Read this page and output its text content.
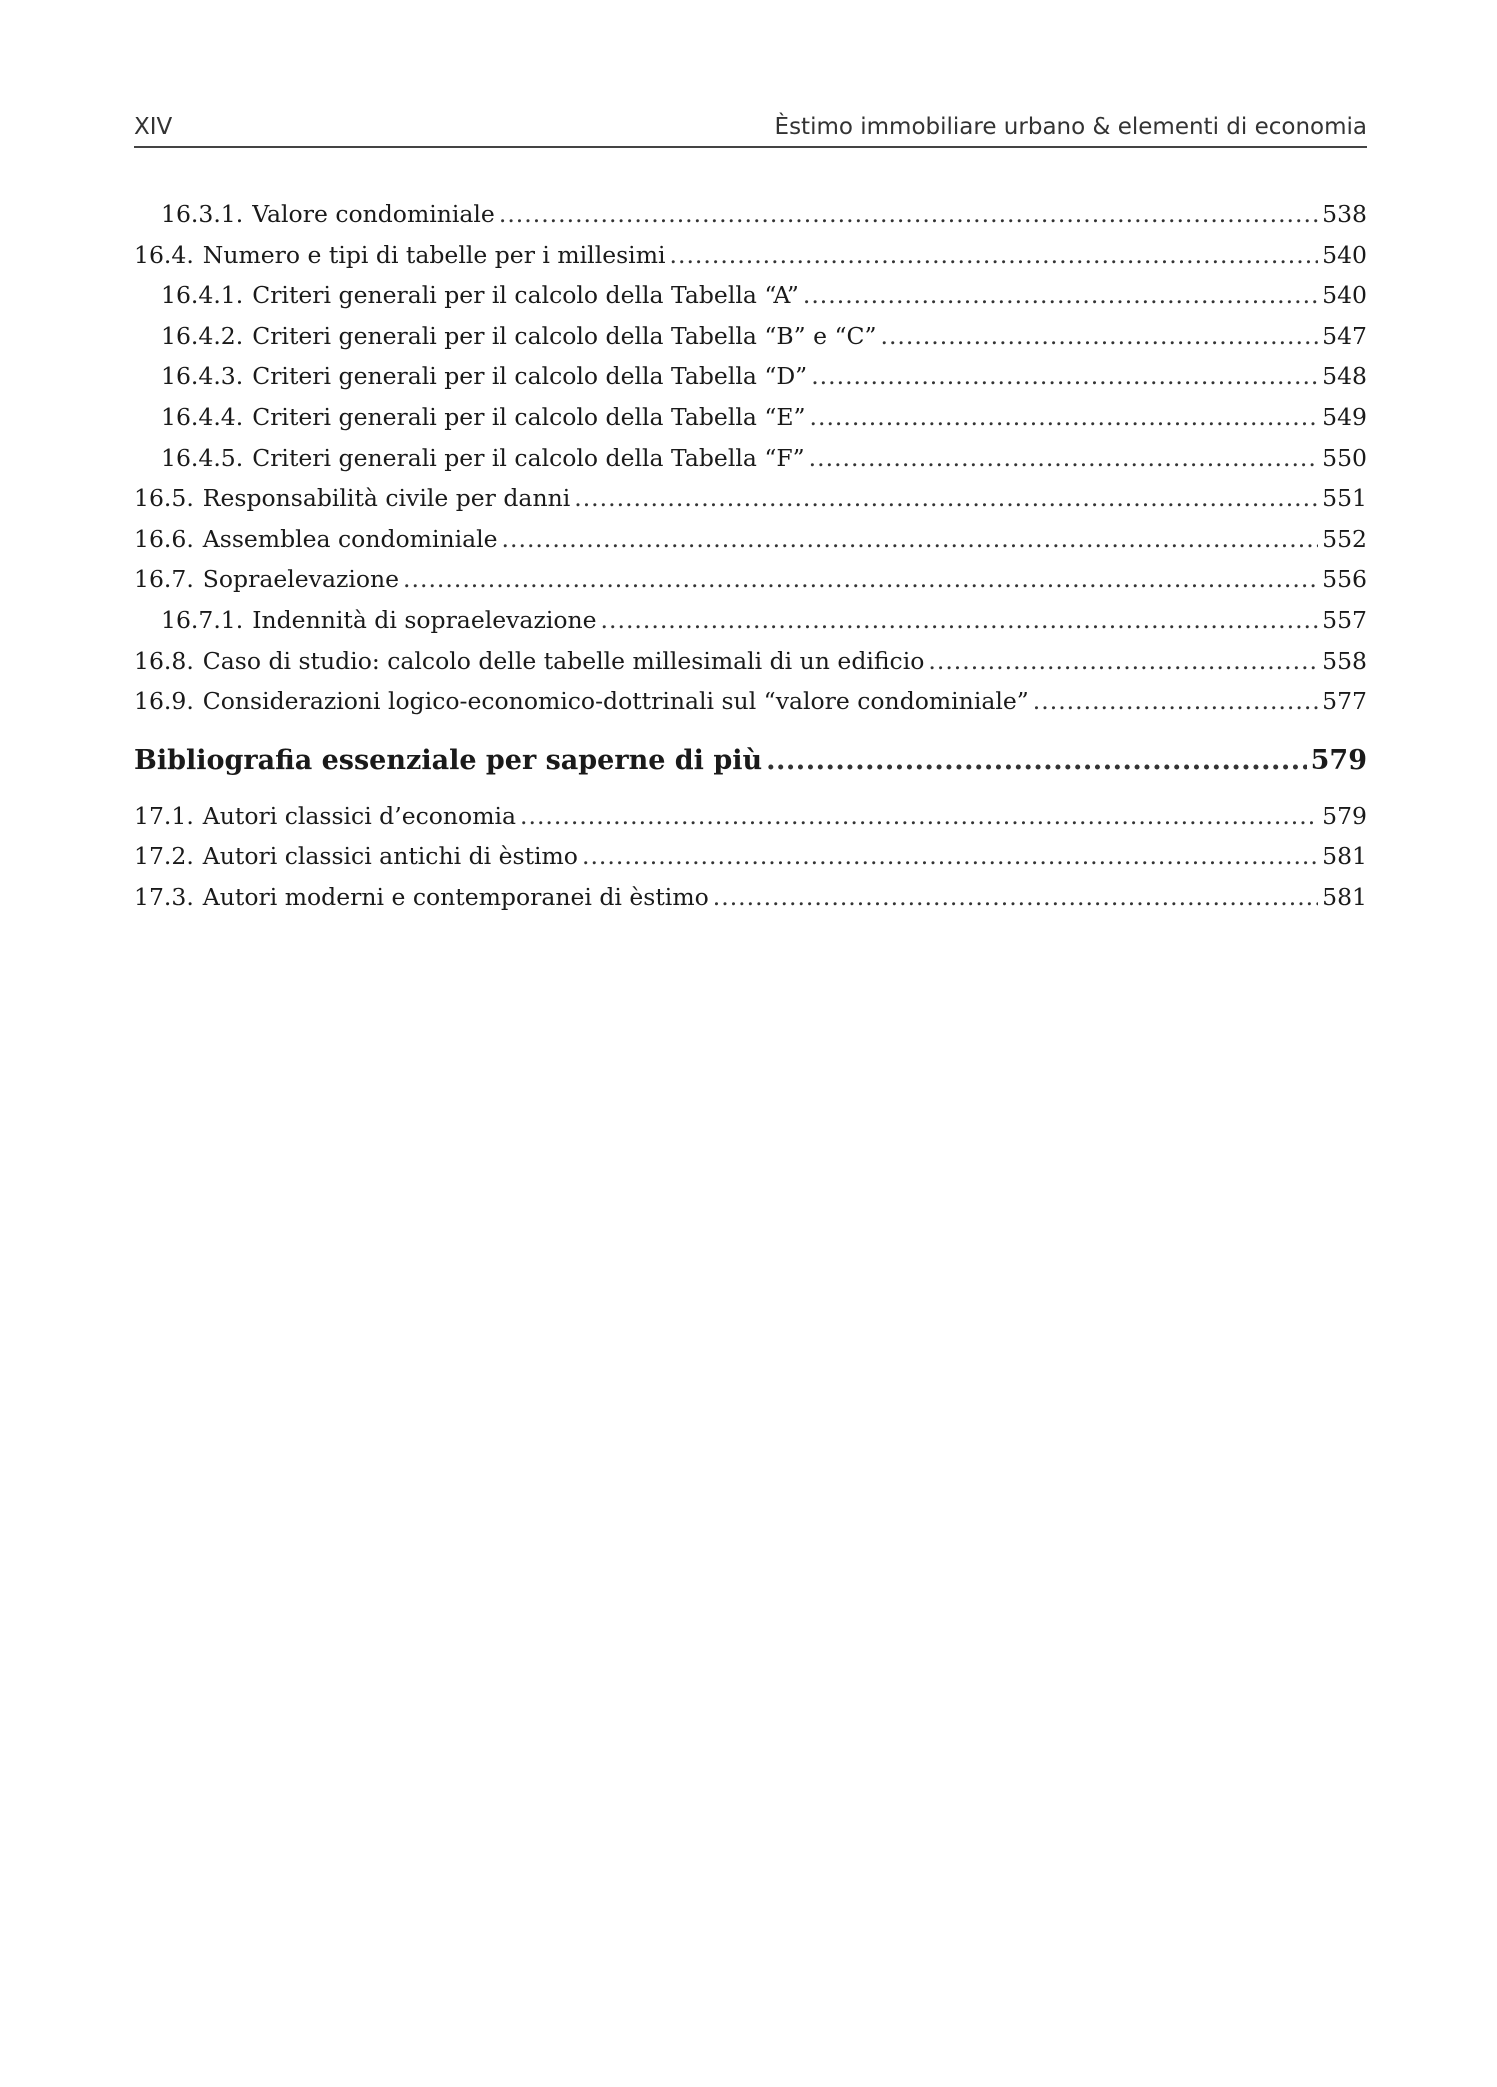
XIV	Èstimo immobiliare urbano & elementi di economia
16.3.1. Valore condominiale .....	538
16.4. Numero e tipi di tabelle per i millesimi .....	540
16.4.1. Criteri generali per il calcolo della Tabella “A” .....	540
16.4.2. Criteri generali per il calcolo della Tabella “B” e “C” .....	547
16.4.3. Criteri generali per il calcolo della Tabella “D” .....	548
16.4.4. Criteri generali per il calcolo della Tabella “E” .....	549
16.4.5. Criteri generali per il calcolo della Tabella “F” .....	550
16.5. Responsabilità civile per danni .....	551
16.6. Assemblea condominiale .....	552
16.7. Sopraelevazione .....	556
16.7.1. Indennità di sopraelevazione .....	557
16.8. Caso di studio: calcolo delle tabelle millesimali di un edificio .....	558
16.9. Considerazioni logico-economico-dottrinali sul “valore condominiale” .....	577
Bibliografia essenziale per saperne di più .....	579
17.1. Autori classici d’economia .....	579
17.2. Autori classici antichi di èstimo .....	581
17.3. Autori moderni e contemporanei di èstimo .....	581
